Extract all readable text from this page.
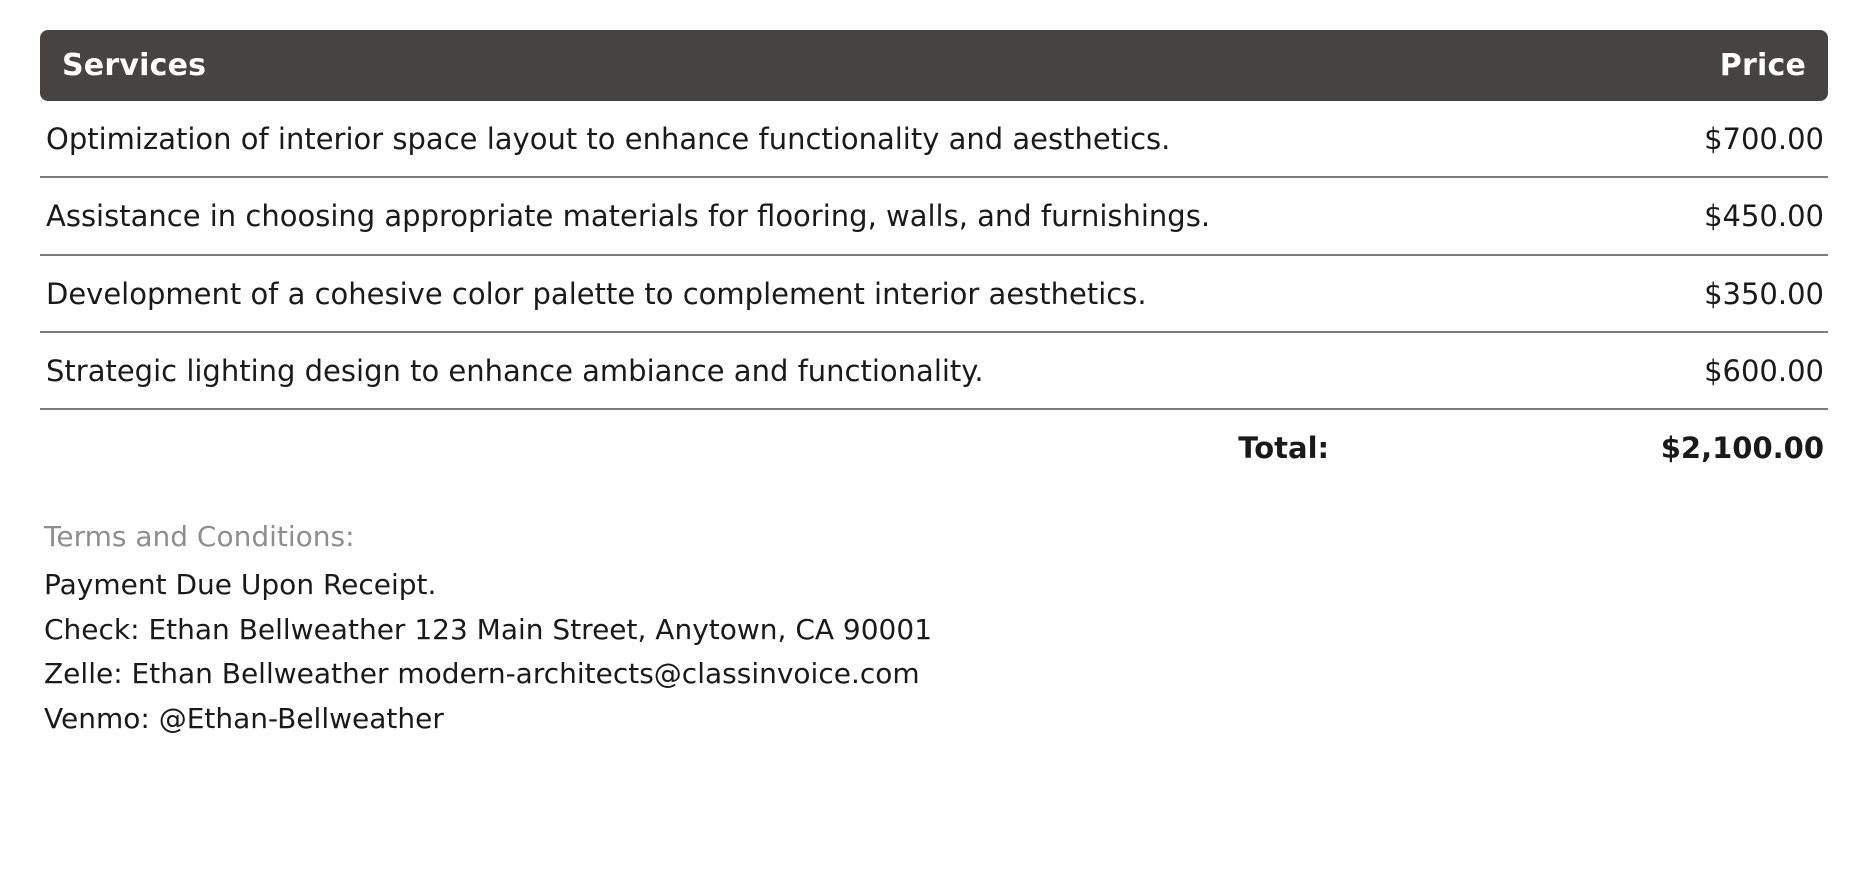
Services	Price
Optimization of interior space layout to enhance functionality and aesthetics.	$700.00
Assistance in choosing appropriate materials for flooring, walls, and furnishings.	$450.00
Development of a cohesive color palette to complement interior aesthetics.	$350.00
Strategic lighting design to enhance ambiance and functionality.	$600.00
Total:	$2,100.00
Terms and Conditions:
Payment Due Upon Receipt.
Check: Ethan Bellweather 123 Main Street, Anytown, CA 90001
Zelle: Ethan Bellweather modern-architects@classinvoice.com
Venmo: @Ethan-Bellweather
